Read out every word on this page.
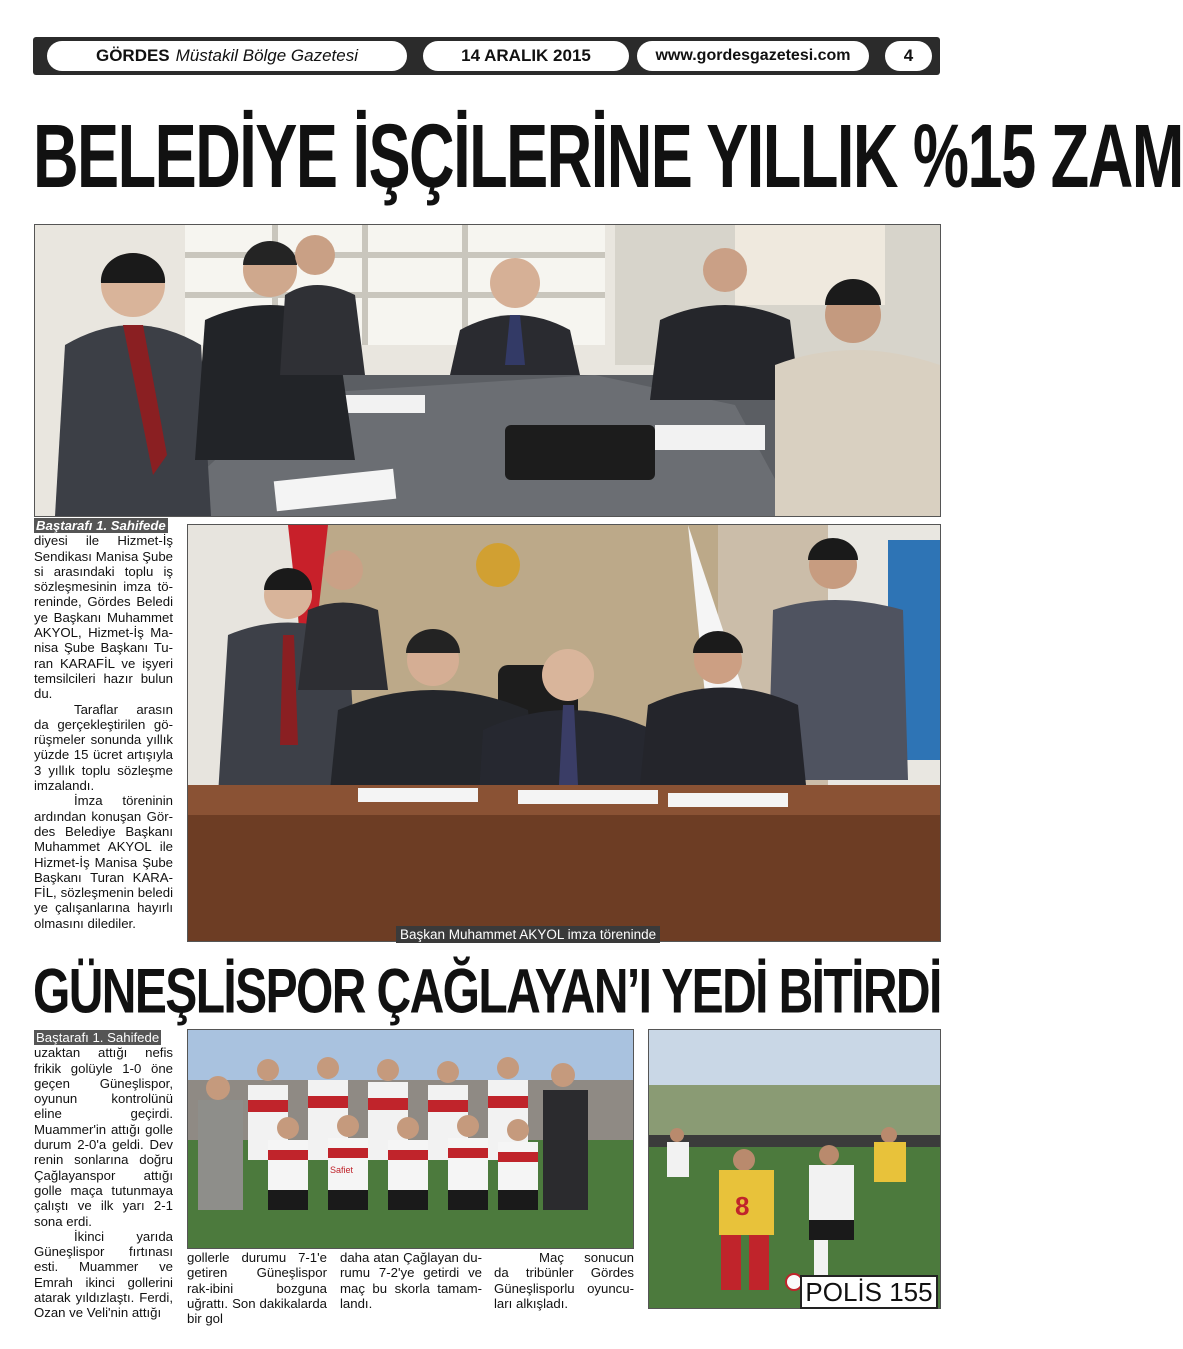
GÖRDES Müstakil Bölge Gazetesi	14 ARALIK 2015	www.gordesgazetesi.com	4
BELEDİYE İŞÇİLERİNE YILLIK %15 ZAM

Baştarafı 1. Sahifede

diyesi ile Hizmet-İş Sendikası Manisa Şube si arasındaki toplu iş sözleşmesinin imza tö-reninde, Gördes Beledi ye Başkanı Muhammet AKYOL, Hizmet-İş Ma-nisa Şube Başkanı Tu-ran KARAFİL ve işyeri temsilcileri hazır bulun du.

Taraflar arasın da gerçekleştirilen gö-rüşmeler sonunda yıllık yüzde 15 ücret artışıyla 3 yıllık toplu sözleşme imzalandı.

İmza töreninin ardından konuşan Gör-des Belediye Başkanı Muhammet AKYOL ile Hizmet-İş Manisa Şube Başkanı Turan KARA-FİL, sözleşmenin beledi ye çalışanlarına hayırlı olmasını dilediler.

Başkan Muhammet AKYOL imza töreninde
GÜNEŞLİSPOR ÇAĞLAYAN’I YEDİ BİTİRDİ

Baştarafı 1. Sahifede

uzaktan attığı nefis frikik golüyle 1-0 öne geçen Güneşlispor, oyunun kontrolünü eline geçirdi. Muammer'in attığı golle durum 2-0'a geldi. Dev renin sonlarına doğru Çağlayanspor attığı golle maça tutunmaya çalıştı ve ilk yarı 2-1 sona erdi.

İkinci yarıda Güneşlispor fırtınası esti. Muammer ve Emrah ikinci gollerini atarak yıldızlaştı. Ferdi, Ozan ve Veli'nin attığı

Safiet
8

gollerle durumu 7-1'e getiren Güneşlispor rak-ibini bozguna uğrattı. Son dakikalarda bir gol

daha atan Çağlayan du-rumu 7-2'ye getirdi ve maç bu skorla tamam-landı.

Maç sonucun da tribünler Gördes Güneşlisporlu oyuncu-ları alkışladı.	POLİS 155
